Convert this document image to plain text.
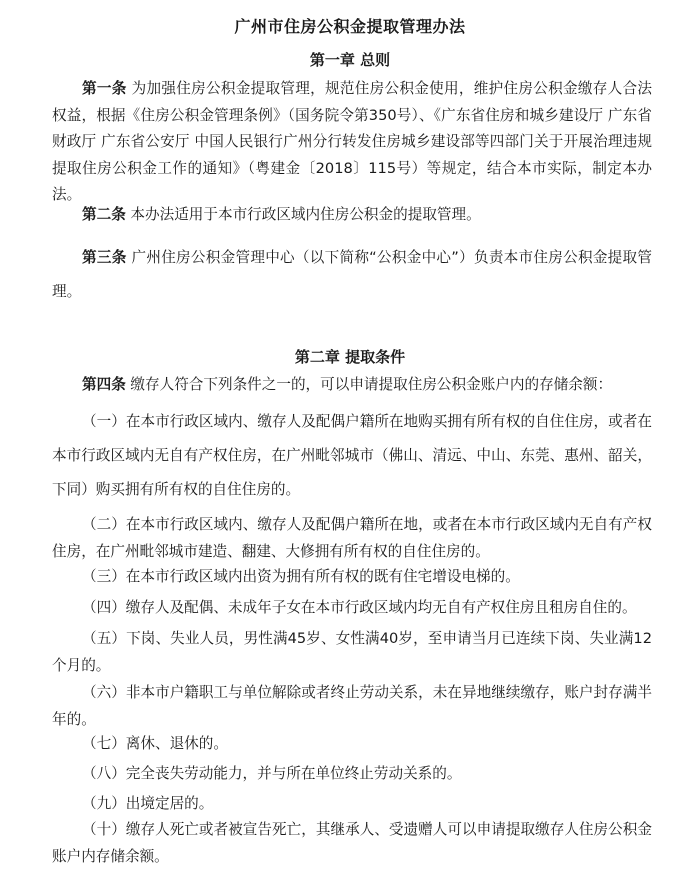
广州市住房公积金提取管理办法
第一章 总则

第一条 为加强住房公积金提取管理，规范住房公积金使用，维护住房公积金缴存人合法权益，根据《住房公积金管理条例》（国务院令第350号）、《广东省住房和城乡建设厅 广东省财政厅 广东省公安厅 中国人民银行广州分行转发住房城乡建设部等四部门关于开展治理违规提取住房公积金工作的通知》（粤建金〔2018〕115号）等规定，结合本市实际，制定本办法。

第二条 本办法适用于本市行政区域内住房公积金的提取管理。

第三条 广州住房公积金管理中心（以下简称“公积金中心”）负责本市住房公积金提取管理。

第二章 提取条件

第四条 缴存人符合下列条件之一的，可以申请提取住房公积金账户内的存储余额：

（一）在本市行政区域内、缴存人及配偶户籍所在地购买拥有所有权的自住住房，或者在本市行政区域内无自有产权住房，在广州毗邻城市（佛山、清远、中山、东莞、惠州、韶关，下同）购买拥有所有权的自住住房的。

（二）在本市行政区域内、缴存人及配偶户籍所在地，或者在本市行政区域内无自有产权住房，在广州毗邻城市建造、翻建、大修拥有所有权的自住住房的。

（三）在本市行政区域内出资为拥有所有权的既有住宅增设电梯的。

（四）缴存人及配偶、未成年子女在本市行政区域内均无自有产权住房且租房自住的。

（五）下岗、失业人员，男性满45岁、女性满40岁，至申请当月已连续下岗、失业满12个月的。

（六）非本市户籍职工与单位解除或者终止劳动关系，未在异地继续缴存，账户封存满半年的。

（七）离休、退休的。

（八）完全丧失劳动能力，并与所在单位终止劳动关系的。

（九）出境定居的。

（十）缴存人死亡或者被宣告死亡，其继承人、受遗赠人可以申请提取缴存人住房公积金账户内存储余额。
